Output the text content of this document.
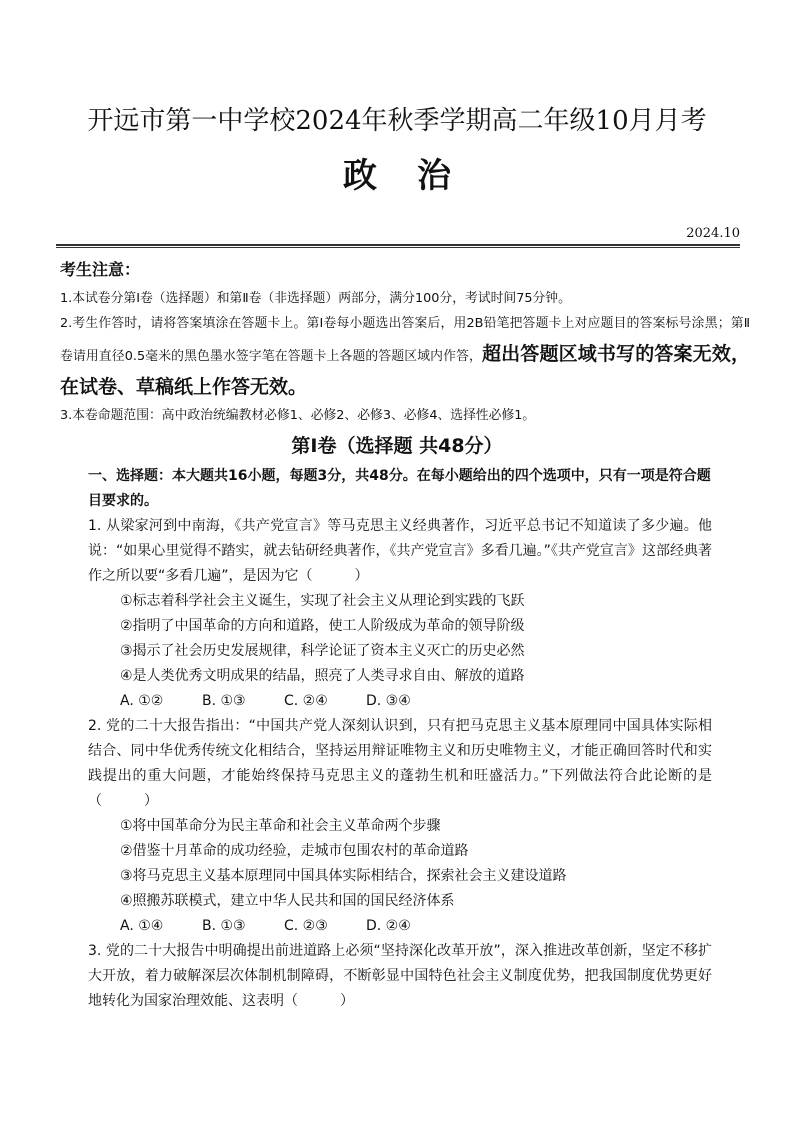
开远市第一中学校2024年秋季学期高二年级10月月考
政 治
2024.10
考生注意：

1.本试卷分第Ⅰ卷（选择题）和第Ⅱ卷（非选择题）两部分，满分100分，考试时间75分钟。

2.考生作答时，请将答案填涂在答题卡上。第Ⅰ卷每小题选出答案后，用2B铅笔把答题卡上对应题目的答案标号涂黑；第Ⅱ卷请用直径0.5毫米的黑色墨水签字笔在答题卡上各题的答题区域内作答，超出答题区域书写的答案无效，在试卷、草稿纸上作答无效。

3.本卷命题范围：高中政治统编教材必修1、必修2、必修3、必修4、选择性必修1。

第Ⅰ卷（选择题 共48分）

一、选择题：本大题共16小题，每题3分，共48分。在每小题给出的四个选项中，只有一项是符合题目要求的。

1. 从梁家河到中南海，《共产党宣言》等马克思主义经典著作，习近平总书记不知道读了多少遍。他说：“如果心里觉得不踏实，就去钻研经典著作，《共产党宣言》多看几遍。”《共产党宣言》这部经典著作之所以要“多看几遍”，是因为它（　　　）

①标志着科学社会主义诞生，实现了社会主义从理论到实践的飞跃

②指明了中国革命的方向和道路，使工人阶级成为革命的领导阶级

③揭示了社会历史发展规律，科学论证了资本主义灭亡的历史必然

④是人类优秀文明成果的结晶，照亮了人类寻求自由、解放的道路

A. ①②	B. ①③	C. ②④	D. ③④

2. 党的二十大报告指出：“中国共产党人深刻认识到，只有把马克思主义基本原理同中国具体实际相结合、同中华优秀传统文化相结合，坚持运用辩证唯物主义和历史唯物主义，才能正确回答时代和实践提出的重大问题，才能始终保持马克思主义的蓬勃生机和旺盛活力。”下列做法符合此论断的是（　　　）

①将中国革命分为民主革命和社会主义革命两个步骤

②借鉴十月革命的成功经验，走城市包围农村的革命道路

③将马克思主义基本原理同中国具体实际相结合，探索社会主义建设道路

④照搬苏联模式，建立中华人民共和国的国民经济体系

A. ①④	B. ①③	C. ②③	D. ②④

3. 党的二十大报告中明确提出前进道路上必须“坚持深化改革开放”，深入推进改革创新，坚定不移扩大开放，着力破解深层次体制机制障碍，不断彰显中国特色社会主义制度优势，把我国制度优势更好地转化为国家治理效能、这表明（　　　）
